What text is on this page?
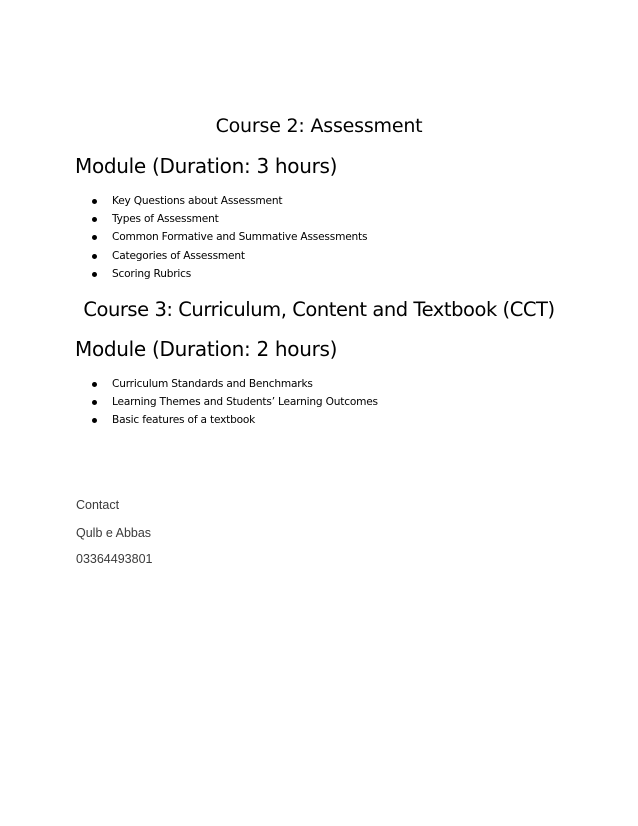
Course 2: Assessment
Module (Duration: 3 hours)
Key Questions about Assessment
Types of Assessment
Common Formative and Summative Assessments
Categories of Assessment
Scoring Rubrics
Course 3: Curriculum, Content and Textbook (CCT)
Module (Duration: 2 hours)
Curriculum Standards and Benchmarks
Learning Themes and Students’ Learning Outcomes
Basic features of a textbook

Contact

Qulb e Abbas

03364493801
